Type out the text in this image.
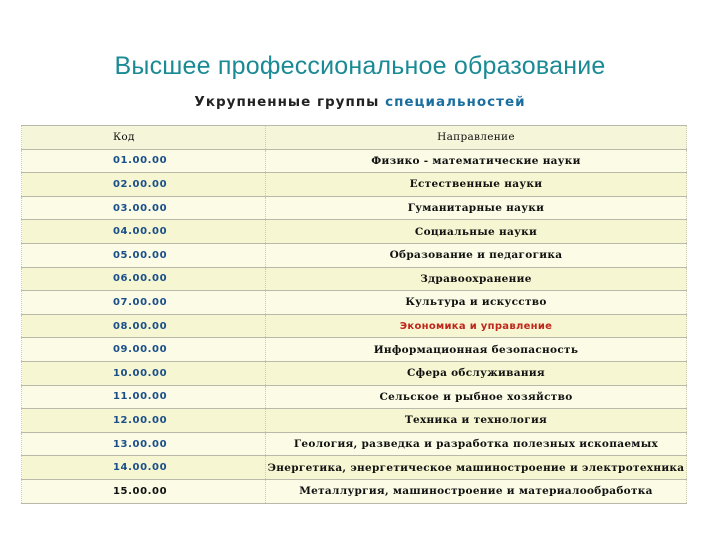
Высшее профессиональное образование
Укрупненные группы специальностей
Код	Направление
01.00.00	Физико - математические науки
02.00.00	Естественные науки
03.00.00	Гуманитарные науки
04.00.00	Социальные науки
05.00.00	Образование и педагогика
06.00.00	Здравоохранение
07.00.00	Культура и искусство
08.00.00	Экономика и управление
09.00.00	Информационная безопасность
10.00.00	Сфера обслуживания
11.00.00	Сельское и рыбное хозяйство
12.00.00	Техника и технология
13.00.00	Геология, разведка и разработка полезных ископаемых
14.00.00	Энергетика, энергетическое машиностроение и электротехника
15.00.00	Металлургия, машиностроение и материалообработка
